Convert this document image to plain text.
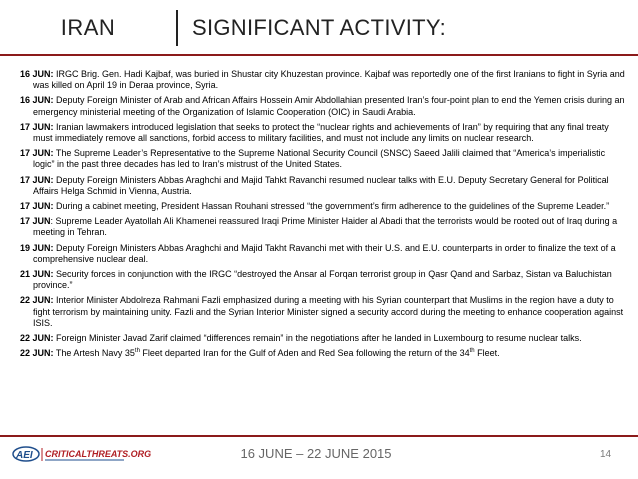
IRAN	SIGNIFICANT ACTIVITY:

16 JUN: IRGC Brig. Gen. Hadi Kajbaf, was buried in Shustar city Khuzestan province. Kajbaf was reportedly one of the first Iranians to fight in Syria and was killed on April 19 in Deraa province, Syria.

16 JUN: Deputy Foreign Minister of Arab and African Affairs Hossein Amir Abdollahian presented Iran’s four-point plan to end the Yemen crisis during an emergency ministerial meeting of the Organization of Islamic Cooperation (OIC) in Saudi Arabia.

17 JUN: Iranian lawmakers introduced legislation that seeks to protect the “nuclear rights and achievements of Iran” by requiring that any final treaty must immediately remove all sanctions, forbid access to military facilities, and must not include any limits on nuclear research.

17 JUN: The Supreme Leader’s Representative to the Supreme National Security Council (SNSC) Saeed Jalili claimed that “America’s imperialistic logic” in the past three decades has led to Iran’s mistrust of the United States.

17 JUN: Deputy Foreign Ministers Abbas Araghchi and Majid Tahkt Ravanchi resumed nuclear talks with E.U. Deputy Secretary General for Political Affairs Helga Schmid in Vienna, Austria.

17 JUN: During a cabinet meeting, President Hassan Rouhani stressed “the government’s firm adherence to the guidelines of the Supreme Leader.”

17 JUN: Supreme Leader Ayatollah Ali Khamenei reassured Iraqi Prime Minister Haider al Abadi that the terrorists would be rooted out of Iraq during a meeting in Tehran.

19 JUN: Deputy Foreign Ministers Abbas Araghchi and Majid Takht Ravanchi met with their U.S. and E.U. counterparts in order to finalize the text of a comprehensive nuclear deal.

21 JUN: Security forces in conjunction with the IRGC “destroyed the Ansar al Forqan terrorist group in Qasr Qand and Sarbaz, Sistan va Baluchistan province.”

22 JUN: Interior Minister Abdolreza Rahmani Fazli emphasized during a meeting with his Syrian counterpart that Muslims in the region have a duty to fight terrorism by maintaining unity. Fazli and the Syrian Interior Minister signed a security accord during the meeting to enhance cooperation against ISIS.

22 JUN: Foreign Minister Javad Zarif claimed “differences remain” in the negotiations after he landed in Luxembourg to resume nuclear talks.

22 JUN: The Artesh Navy 35th Fleet departed Iran for the Gulf of Aden and Red Sea following the return of the 34th Fleet.

AEI CRITICALTHREATS.ORG	16 JUNE – 22 JUNE 2015	14
